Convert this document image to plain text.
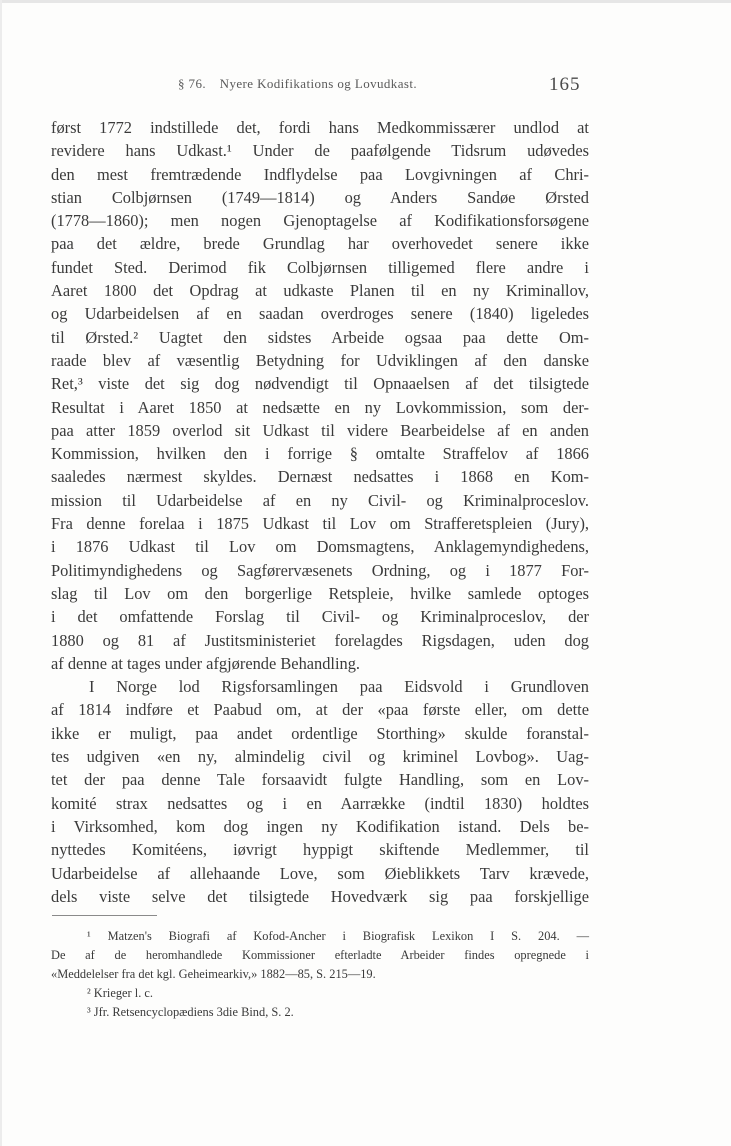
§ 76. Nyere Kodifikations og Lovudkast.	165
først 1772 indstillede det, fordi hans Medkommissærer undlod at
revidere hans Udkast.¹ Under de paafølgende Tidsrum udøvedes
den mest fremtrædende Indflydelse paa Lovgivningen af Chri-
stian Colbjørnsen (1749—1814) og Anders Sandøe Ørsted
(1778—1860); men nogen Gjenoptagelse af Kodifikationsforsøgene
paa det ældre, brede Grundlag har overhovedet senere ikke
fundet Sted. Derimod fik Colbjørnsen tilligemed flere andre i
Aaret 1800 det Opdrag at udkaste Planen til en ny Kriminallov,
og Udarbeidelsen af en saadan overdroges senere (1840) ligeledes
til Ørsted.² Uagtet den sidstes Arbeide ogsaa paa dette Om-
raade blev af væsentlig Betydning for Udviklingen af den danske
Ret,³ viste det sig dog nødvendigt til Opnaaelsen af det tilsigtede
Resultat i Aaret 1850 at nedsætte en ny Lovkommission, som der-
paa atter 1859 overlod sit Udkast til videre Bearbeidelse af en anden
Kommission, hvilken den i forrige § omtalte Straffelov af 1866
saaledes nærmest skyldes. Dernæst nedsattes i 1868 en Kom-
mission til Udarbeidelse af en ny Civil- og Kriminalproceslov.
Fra denne forelaa i 1875 Udkast til Lov om Strafferetspleien (Jury),
i 1876 Udkast til Lov om Domsmagtens, Anklagemyndighedens,
Politimyndighedens og Sagførervæsenets Ordning, og i 1877 For-
slag til Lov om den borgerlige Retspleie, hvilke samlede optoges
i det omfattende Forslag til Civil- og Kriminalproceslov, der
1880 og 81 af Justitsministeriet forelagdes Rigsdagen, uden dog
af denne at tages under afgjørende Behandling.
I Norge lod Rigsforsamlingen paa Eidsvold i Grundloven
af 1814 indføre et Paabud om, at der «paa første eller, om dette
ikke er muligt, paa andet ordentlige Storthing» skulde foranstal-
tes udgiven «en ny, almindelig civil og kriminel Lovbog». Uag-
tet der paa denne Tale forsaavidt fulgte Handling, som en Lov-
komité strax nedsattes og i en Aarrække (indtil 1830) holdtes
i Virksomhed, kom dog ingen ny Kodifikation istand. Dels be-
nyttedes Komitéens, iøvrigt hyppigt skiftende Medlemmer, til
Udarbeidelse af allehaande Love, som Øieblikkets Tarv krævede,
dels viste selve det tilsigtede Hovedværk sig paa forskjellige
¹ Matzen's Biografi af Kofod-Ancher i Biografisk Lexikon I S. 204. —
De af de heromhandlede Kommissioner efterladte Arbeider findes opregnede i
«Meddelelser fra det kgl. Geheimearkiv,» 1882—85, S. 215—19.
² Krieger l. c.
³ Jfr. Retsencyclopædiens 3die Bind, S. 2.
